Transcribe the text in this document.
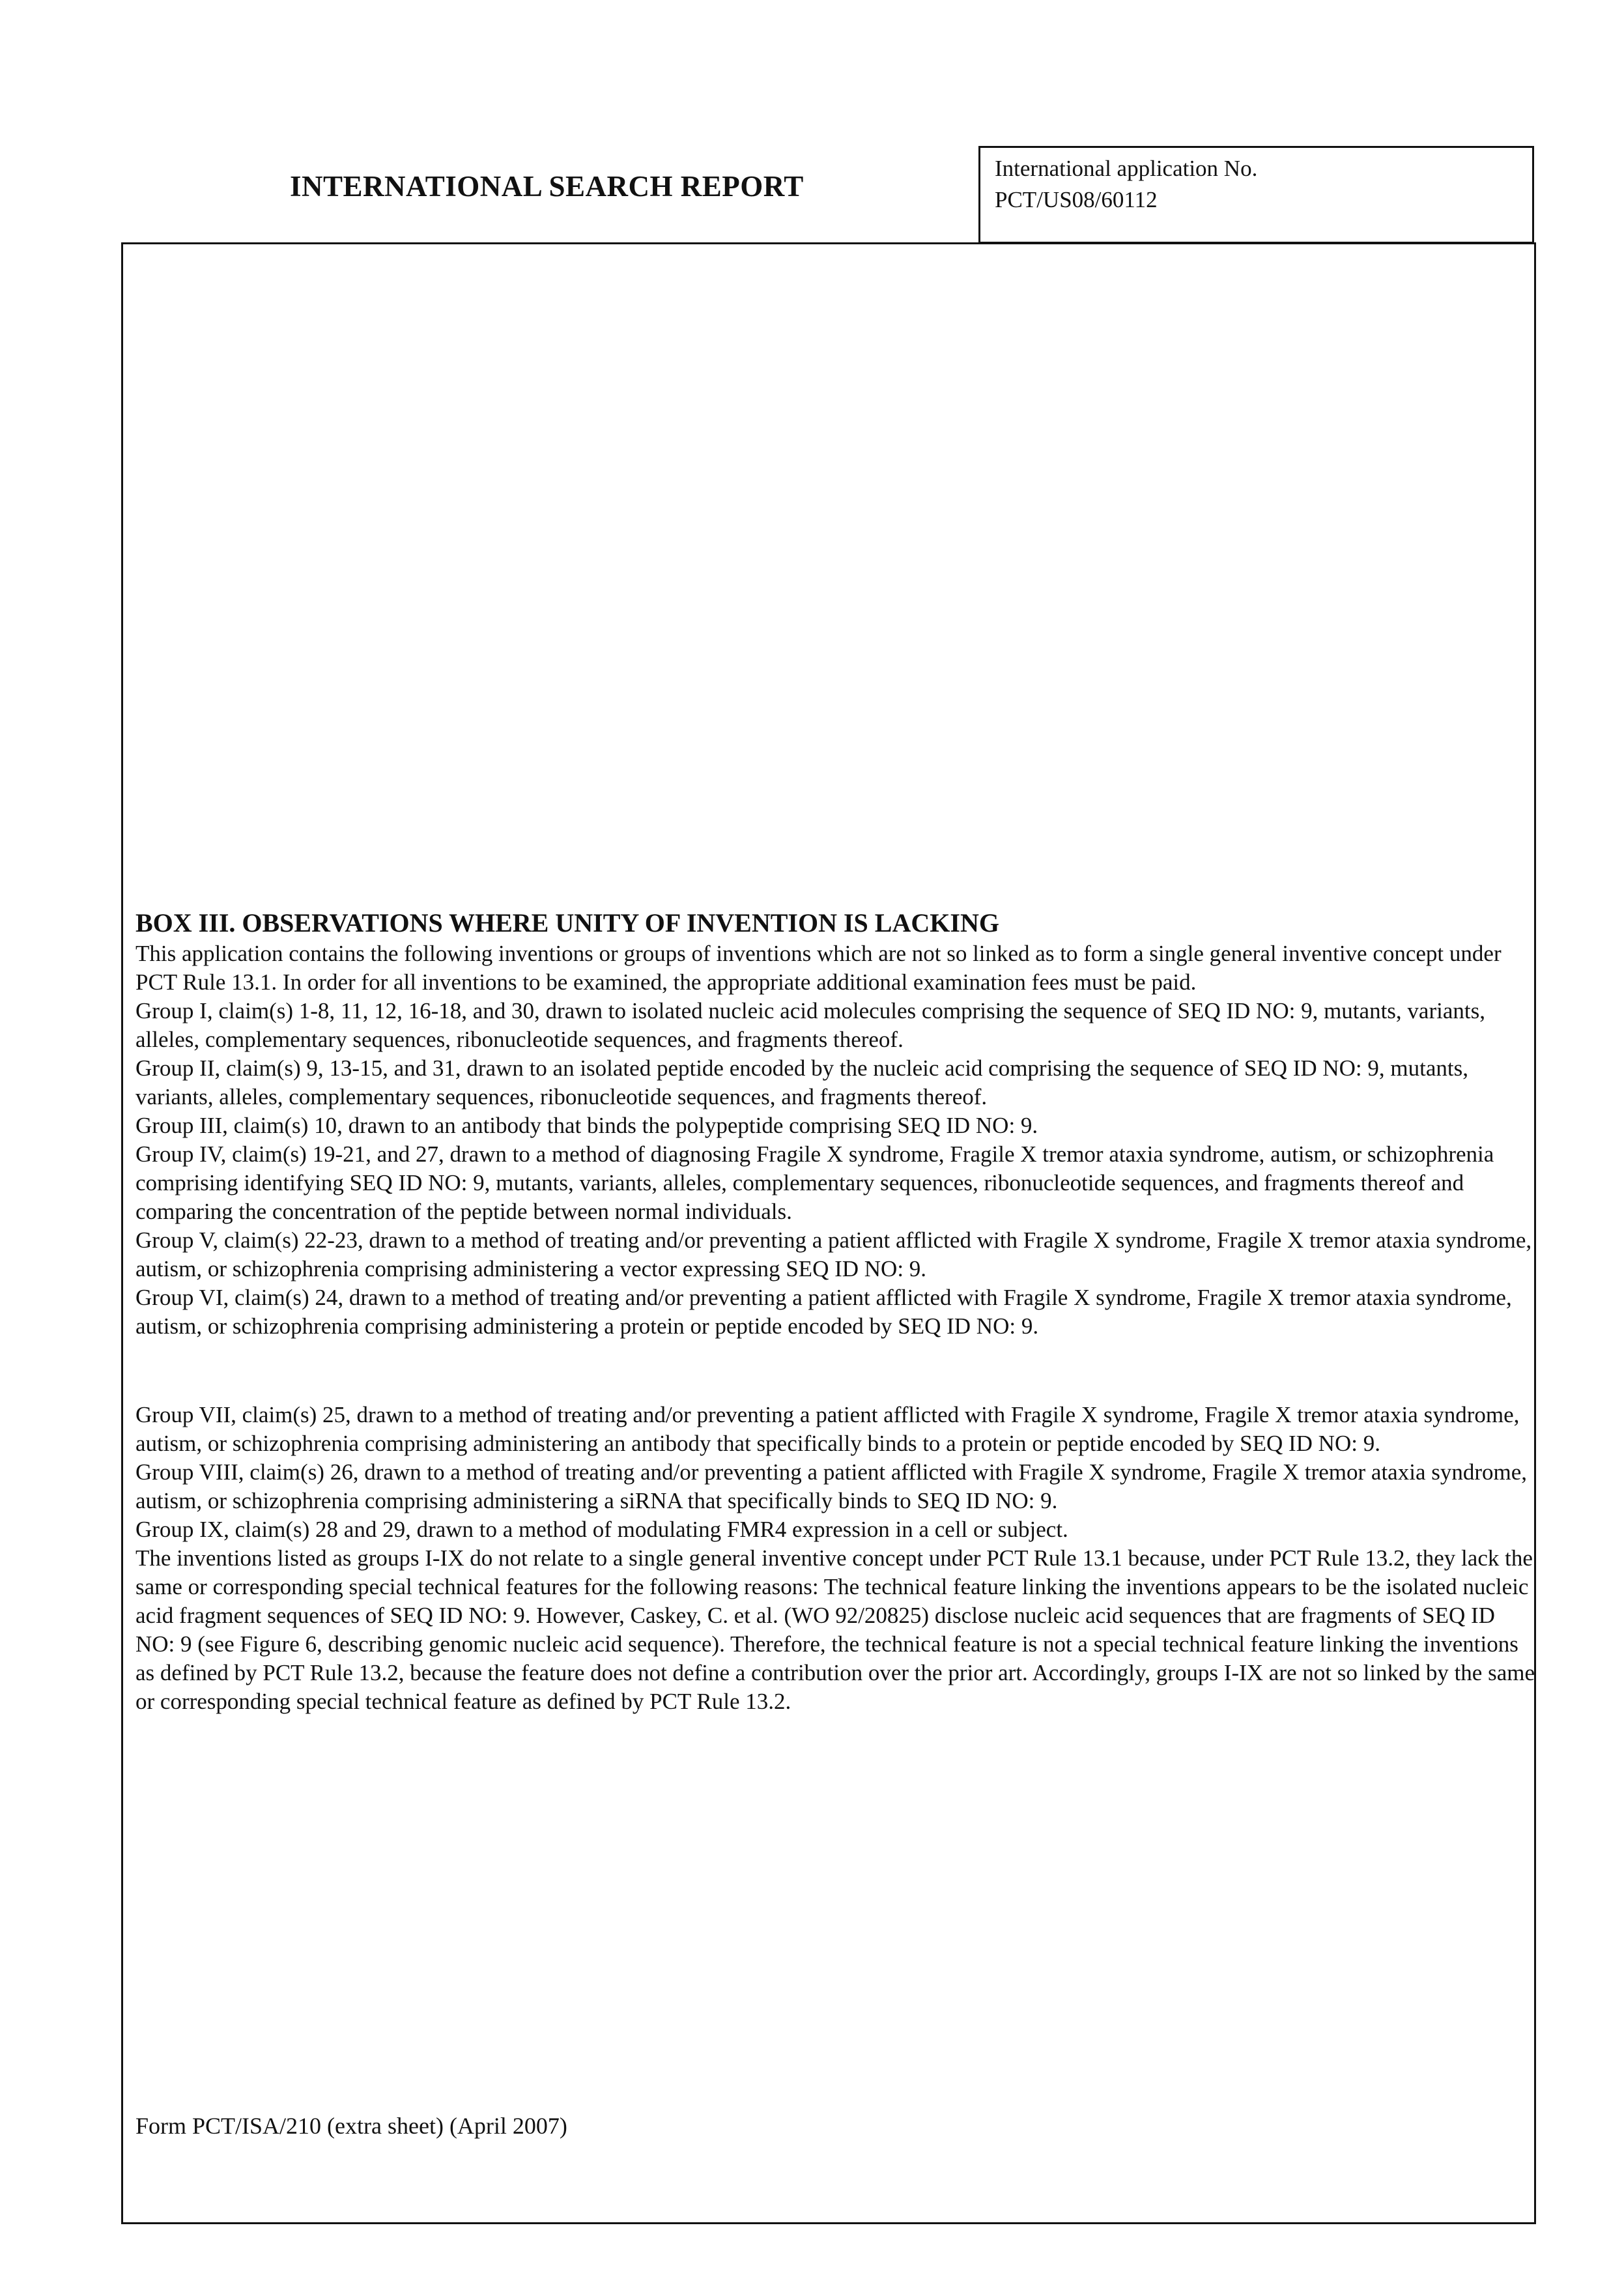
INTERNATIONAL SEARCH REPORT
International application No.
PCT/US08/60112
BOX III. OBSERVATIONS WHERE UNITY OF INVENTION IS LACKING

This application contains the following inventions or groups of inventions which are not so linked as to form a single general inventive concept under PCT Rule 13.1. In order for all inventions to be examined, the appropriate additional examination fees must be paid.

Group I, claim(s) 1-8, 11, 12, 16-18, and 30, drawn to isolated nucleic acid molecules comprising the sequence of SEQ ID NO: 9, mutants, variants, alleles, complementary sequences, ribonucleotide sequences, and fragments thereof.

Group II, claim(s) 9, 13-15, and 31, drawn to an isolated peptide encoded by the nucleic acid comprising the sequence of SEQ ID NO: 9, mutants, variants, alleles, complementary sequences, ribonucleotide sequences, and fragments thereof.

Group III, claim(s) 10, drawn to an antibody that binds the polypeptide comprising SEQ ID NO: 9.

Group IV, claim(s) 19-21, and 27, drawn to a method of diagnosing Fragile X syndrome, Fragile X tremor ataxia syndrome, autism, or schizophrenia comprising identifying SEQ ID NO: 9, mutants, variants, alleles, complementary sequences, ribonucleotide sequences, and fragments thereof and comparing the concentration of the peptide between normal individuals.

Group V, claim(s) 22-23, drawn to a method of treating and/or preventing a patient afflicted with Fragile X syndrome, Fragile X tremor ataxia syndrome, autism, or schizophrenia comprising administering a vector expressing SEQ ID NO: 9.

Group VI, claim(s) 24, drawn to a method of treating and/or preventing a patient afflicted with Fragile X syndrome, Fragile X tremor ataxia syndrome, autism, or schizophrenia comprising administering a protein or peptide encoded by SEQ ID NO: 9.

Group VII, claim(s) 25, drawn to a method of treating and/or preventing a patient afflicted with Fragile X syndrome, Fragile X tremor ataxia syndrome, autism, or schizophrenia comprising administering an antibody that specifically binds to a protein or peptide encoded by SEQ ID NO: 9.

Group VIII, claim(s) 26, drawn to a method of treating and/or preventing a patient afflicted with Fragile X syndrome, Fragile X tremor ataxia syndrome, autism, or schizophrenia comprising administering a siRNA that specifically binds to SEQ ID NO: 9.

Group IX, claim(s) 28 and 29, drawn to a method of modulating FMR4 expression in a cell or subject.

The inventions listed as groups I-IX do not relate to a single general inventive concept under PCT Rule 13.1 because, under PCT Rule 13.2, they lack the same or corresponding special technical features for the following reasons: The technical feature linking the inventions appears to be the isolated nucleic acid fragment sequences of SEQ ID NO: 9. However, Caskey, C. et al. (WO 92/20825) disclose nucleic acid sequences that are fragments of SEQ ID NO: 9 (see Figure 6, describing genomic nucleic acid sequence). Therefore, the technical feature is not a special technical feature linking the inventions as defined by PCT Rule 13.2, because the feature does not define a contribution over the prior art. Accordingly, groups I-IX are not so linked by the same or corresponding special technical feature as defined by PCT Rule 13.2.

Form PCT/ISA/210 (extra sheet) (April 2007)
